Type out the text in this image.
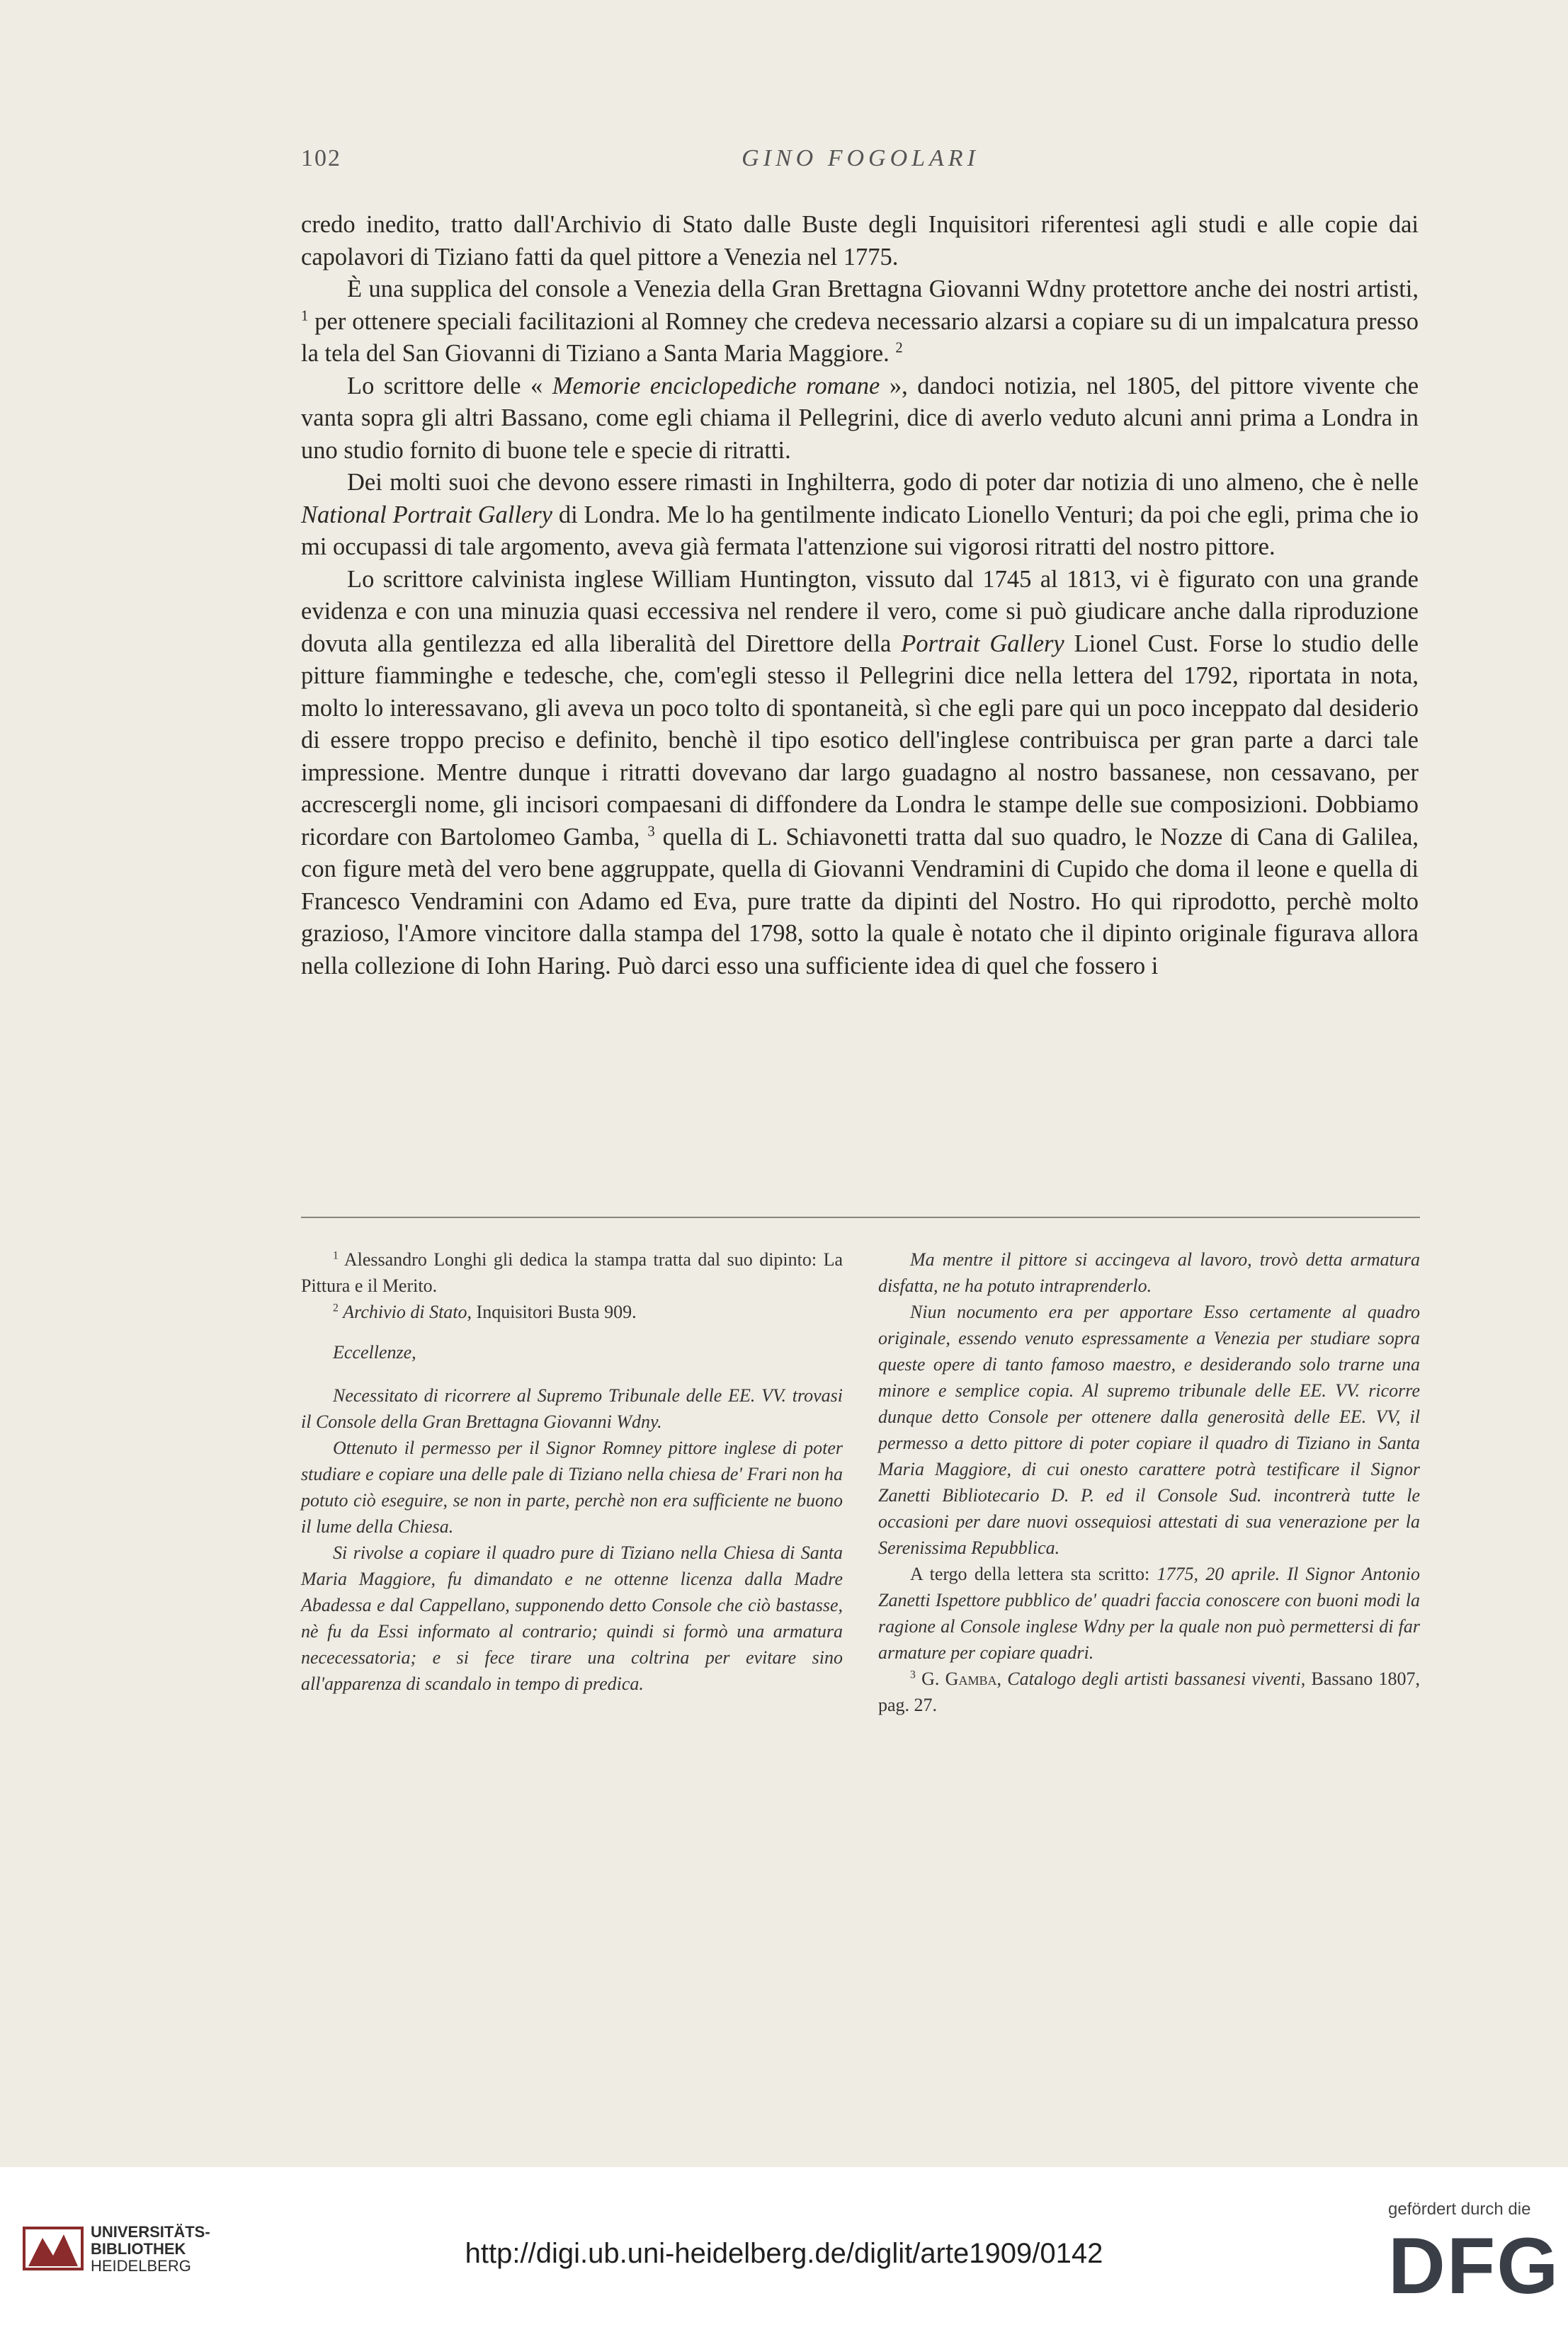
102	GINO FOGOLARI

credo inedito, tratto dall'Archivio di Stato dalle Buste degli Inquisitori riferentesi agli studi e alle copie dai capolavori di Tiziano fatti da quel pittore a Venezia nel 1775.

È una supplica del console a Venezia della Gran Brettagna Giovanni Wdny protettore anche dei nostri artisti, $^1$ per ottenere speciali facilitazioni al Romney che credeva necessario alzarsi a copiare su di un impalcatura presso la tela del San Giovanni di Tiziano a Santa Maria Maggiore. $^2$

Lo scrittore delle « Memorie enciclopediche romane », dandoci notizia, nel 1805, del pittore vivente che vanta sopra gli altri Bassano, come egli chiama il Pellegrini, dice di averlo veduto alcuni anni prima a Londra in uno studio fornito di buone tele e specie di ritratti.

Dei molti suoi che devono essere rimasti in Inghilterra, godo di poter dar notizia di uno almeno, che è nelle National Portrait Gallery di Londra. Me lo ha gentilmente indicato Lionello Venturi; da poi che egli, prima che io mi occupassi di tale argomento, aveva già fermata l'attenzione sui vigorosi ritratti del nostro pittore.

Lo scrittore calvinista inglese William Huntington, vissuto dal 1745 al 1813, vi è figurato con una grande evidenza e con una minuzia quasi eccessiva nel rendere il vero, come si può giudicare anche dalla riproduzione dovuta alla gentilezza ed alla liberalità del Direttore della Portrait Gallery Lionel Cust. Forse lo studio delle pitture fiamminghe e tedesche, che, com'egli stesso il Pellegrini dice nella lettera del 1792, riportata in nota, molto lo interessavano, gli aveva un poco tolto di spontaneità, sì che egli pare qui un poco inceppato dal desiderio di essere troppo preciso e definito, benchè il tipo esotico dell'inglese contribuisca per gran parte a darci tale impressione. Mentre dunque i ritratti dovevano dar largo guadagno al nostro bassanese, non cessavano, per accrescergli nome, gli incisori compaesani di diffondere da Londra le stampe delle sue composizioni. Dobbiamo ricordare con Bartolomeo Gamba, $^3$ quella di L. Schiavonetti tratta dal suo quadro, le Nozze di Cana di Galilea, con figure metà del vero bene aggruppate, quella di Giovanni Vendramini di Cupido che doma il leone e quella di Francesco Vendramini con Adamo ed Eva, pure tratte da dipinti del Nostro. Ho qui riprodotto, perchè molto grazioso, l'Amore vincitore dalla stampa del 1798, sotto la quale è notato che il dipinto originale figurava allora nella collezione di Iohn Haring. Può darci esso una sufficiente idea di quel che fossero i

$^1$ Alessandro Longhi gli dedica la stampa tratta dal suo dipinto: La Pittura e il Merito.

$^2$ Archivio di Stato, Inquisitori Busta 909.

Eccellenze,

Necessitato di ricorrere al Supremo Tribunale delle EE. VV. trovasi il Console della Gran Brettagna Giovanni Wdny.

Ottenuto il permesso per il Signor Romney pittore inglese di poter studiare e copiare una delle pale di Tiziano nella chiesa de' Frari non ha potuto ciò eseguire, se non in parte, perchè non era sufficiente ne buono il lume della Chiesa.

Si rivolse a copiare il quadro pure di Tiziano nella Chiesa di Santa Maria Maggiore, fu dimandato e ne ottenne licenza dalla Madre Abadessa e dal Cappellano, supponendo detto Console che ciò bastasse, nè fu da Essi informato al contrario; quindi si formò una armatura nececessatoria; e si fece tirare una coltrina per evitare sino all'apparenza di scandalo in tempo di predica.

Ma mentre il pittore si accingeva al lavoro, trovò detta armatura disfatta, ne ha potuto intraprenderlo.

Niun nocumento era per apportare Esso certamente al quadro originale, essendo venuto espressamente a Venezia per studiare sopra queste opere di tanto famoso maestro, e desiderando solo trarne una minore e semplice copia. Al supremo tribunale delle EE. VV. ricorre dunque detto Console per ottenere dalla generosità delle EE. VV, il permesso a detto pittore di poter copiare il quadro di Tiziano in Santa Maria Maggiore, di cui onesto carattere potrà testificare il Signor Zanetti Bibliotecario D. P. ed il Console Sud. incontrerà tutte le occasioni per dare nuovi ossequiosi attestati di sua venerazione per la Serenissima Repubblica.

A tergo della lettera sta scritto: 1775, 20 aprile. Il Signor Antonio Zanetti Ispettore pubblico de' quadri faccia conoscere con buoni modi la ragione al Console inglese Wdny per la quale non può permettersi di far armature per copiare quadri.

$^3$ G. Gamba, Catalogo degli artisti bassanesi viventi, Bassano 1807, pag. 27.

UNIVERSITÄTS-
BIBLIOTHEK
HEIDELBERG	http://digi.ub.uni-heidelberg.de/diglit/arte1909/0142
gefördert durch die
DFG
